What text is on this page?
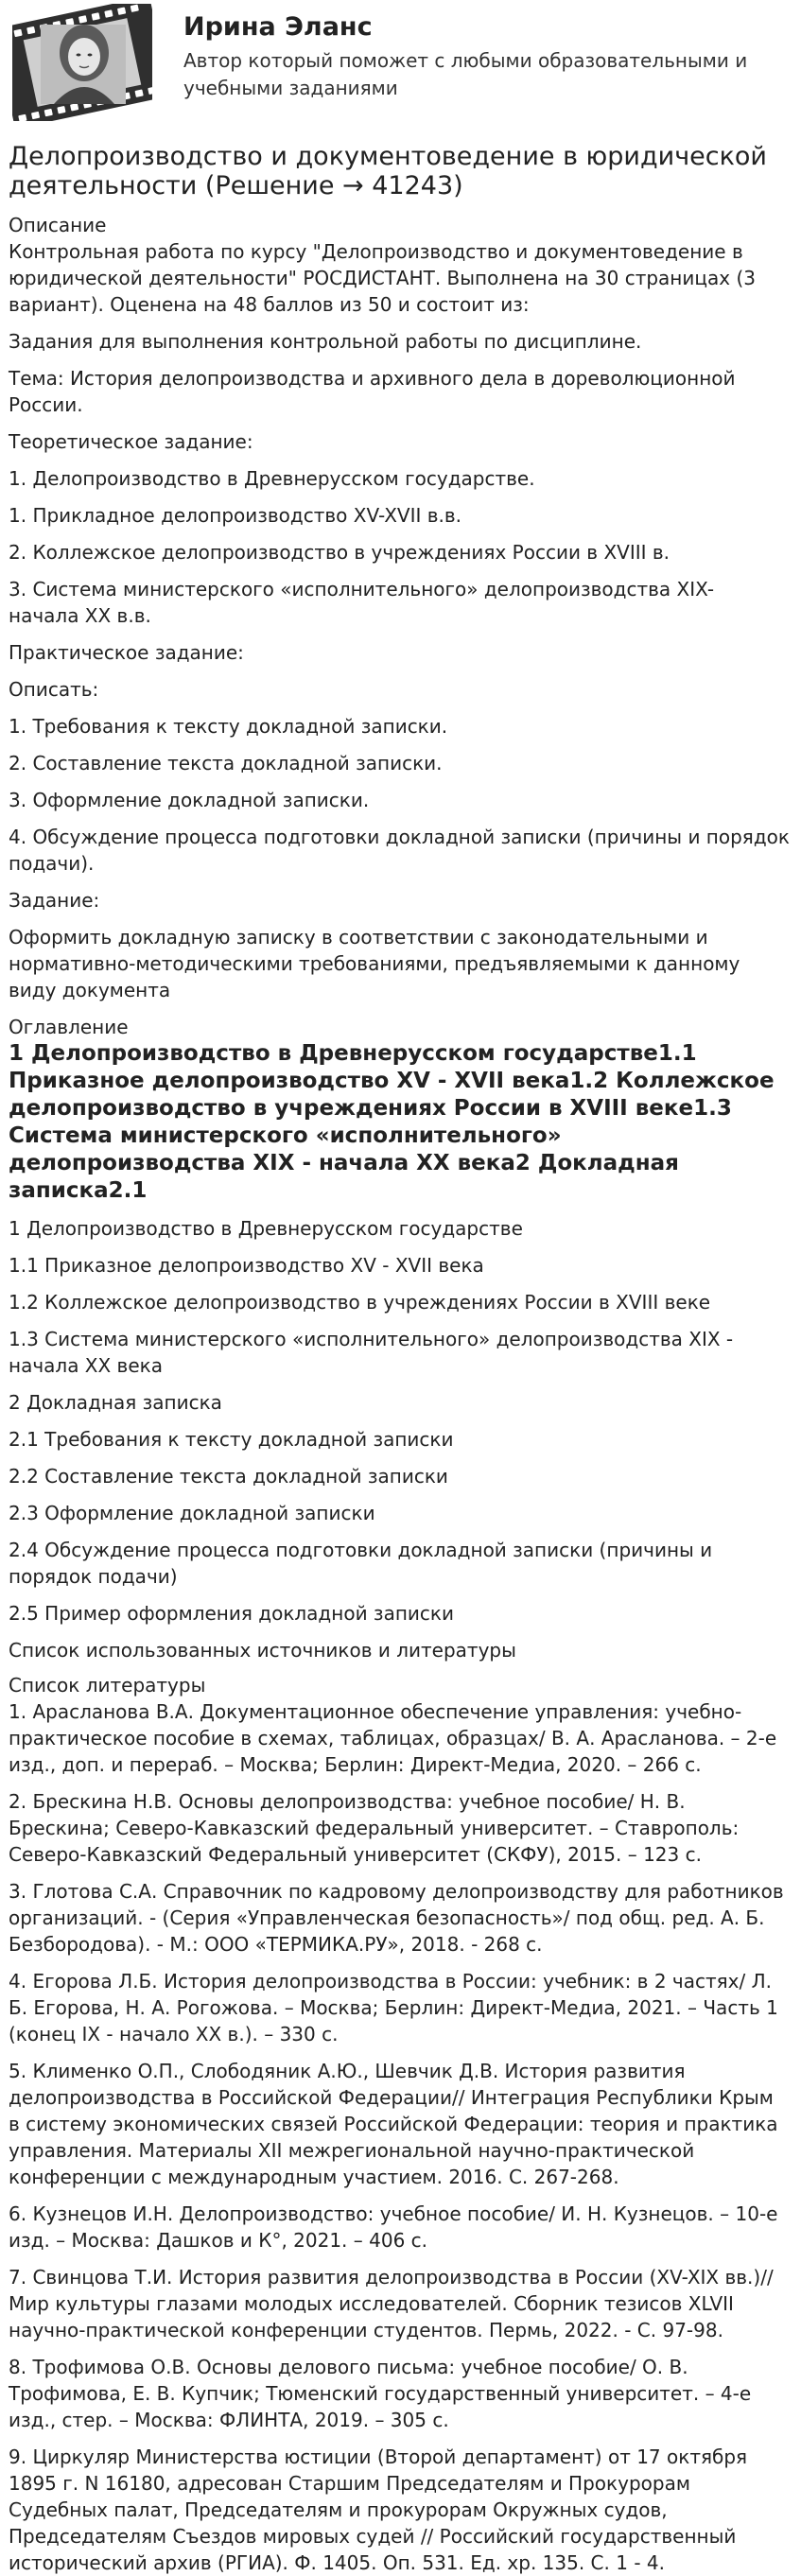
Ирина Эланс
Автор который поможет с любыми образовательными и учебными заданиями
Делопроизводство и документоведение в юридической деятельности (Решение → 41243)
Описание

Контрольная работа по курсу "Делопроизводство и документоведение в юридической деятельности" РОСДИСТАНТ. Выполнена на 30 страницах (3 вариант). Оценена на 48 баллов из 50 и состоит из:

Задания для выполнения контрольной работы по дисциплине.

Тема: История делопроизводства и архивного дела в дореволюционной России.

Теоретическое задание:

1. Делопроизводство в Древнерусском государстве.

1. Прикладное делопроизводство XV-XVII в.в.

2. Коллежское делопроизводство в учреждениях России в XVIII в.

3. Система министерского «исполнительного» делопроизводства XIX- начала XX в.в.

Практическое задание:

Описать:

1. Требования к тексту докладной записки.

2. Составление текста докладной записки.

3. Оформление докладной записки.

4. Обсуждение процесса подготовки докладной записки (причины и порядок подачи).

Задание:

Оформить докладную записку в соответствии с законодательными и нормативно-методическими требованиями, предъявляемыми к данному виду документа

Оглавление
1 Делопроизводство в Древнерусском государстве1.1 Приказное делопроизводство XV - XVII века1.2 Коллежское делопроизводство в учреждениях России в XVIII веке1.3 Система министерского «исполнительного» делопроизводства XIX - начала XX века2 Докладная записка2.1

1 Делопроизводство в Древнерусском государстве

1.1 Приказное делопроизводство XV - XVII века

1.2 Коллежское делопроизводство в учреждениях России в XVIII веке

1.3 Система министерского «исполнительного» делопроизводства XIX - начала XX века

2 Докладная записка

2.1 Требования к тексту докладной записки

2.2 Составление текста докладной записки

2.3 Оформление докладной записки

2.4 Обсуждение процесса подготовки докладной записки (причины и порядок подачи)

2.5 Пример оформления докладной записки

Список использованных источников и литературы

Список литературы

1. Арасланова В.А. Документационное обеспечение управления: учебно-практическое пособие в схемах, таблицах, образцах/ В. А. Арасланова. – 2-е изд., доп. и перераб. – Москва; Берлин: Директ-Медиа, 2020. – 266 с.

2. Брескина Н.В. Основы делопроизводства: учебное пособие/ Н. В. Брескина; Северо-Кавказский федеральный университет. – Ставрополь: Северо-Кавказский Федеральный университет (СКФУ), 2015. – 123 с.

3. Глотова С.А. Справочник по кадровому делопроизводству для работников организаций. - (Серия «Управленческая безопасность»/ под общ. ред. А. Б. Безбородова). - М.: ООО «ТЕРМИКА.РУ», 2018. - 268 с.

4. Егорова Л.Б. История делопроизводства в России: учебник: в 2 частях/ Л. Б. Егорова, Н. А. Рогожова. – Москва; Берлин: Директ-Медиа, 2021. – Часть 1 (конец IX - начало XX в.). – 330 с.

5. Клименко О.П., Слободяник А.Ю., Шевчик Д.В. История развития делопроизводства в Российской Федерации// Интеграция Республики Крым в систему экономических связей Российской Федерации: теория и практика управления. Материалы XII межрегиональной научно-практической конференции с международным участием. 2016. С. 267-268.

6. Кузнецов И.Н. Делопроизводство: учебное пособие/ И. Н. Кузнецов. – 10-е изд. – Москва: Дашков и К°, 2021. – 406 с.

7. Свинцова Т.И. История развития делопроизводства в России (XV-XIX вв.)// Мир культуры глазами молодых исследователей. Сборник тезисов XLVII научно-практической конференции студентов. Пермь, 2022. - С. 97-98.

8. Трофимова О.В. Основы делового письма: учебное пособие/ О. В. Трофимова, Е. В. Купчик; Тюменский государственный университет. – 4-е изд., стер. – Москва: ФЛИНТА, 2019. – 305 с.

9. Циркуляр Министерства юстиции (Второй департамент) от 17 октября 1895 г. N 16180, адресован Старшим Председателям и Прокурорам Судебных палат, Председателям и прокурорам Окружных судов, Председателям Съездов мировых судей // Российский государственный исторический архив (РГИА). Ф. 1405. Оп. 531. Ед. хр. 135. С. 1 - 4.
